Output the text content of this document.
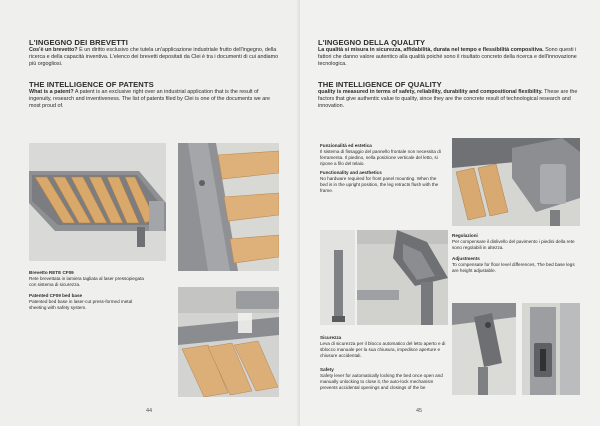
L'INGEGNO DEI BREVETTI
Cos'è un brevetto? È un diritto esclusivo che tutela un'applicazione industriale frutto dell'ingegno, della ricerca e della capacità inventiva. L'elenco dei brevetti depositati da Clei è tra i documenti di cui andiamo più orgogliosi.
THE INTELLIGENCE OF PATENTS
What is a patent? A patent is an exclusive right over an industrial application that is the result of ingenuity, research and inventiveness. The list of patents filed by Clei is one of the documents we are most proud of.
Brevetto RETE CF09
Rete brevettata in lamiera tagliata al laser pressopiegata con sistema di sicurezza.
Patented CF09 bed base
Patented bed base in laser-cut press-formed metal sheeting with safety system.
44
L'INGEGNO DELLA QUALITY
La qualità si misura in sicurezza, affidabilità, durata nel tempo e flessibilità compositiva. Sono questi i fattori che danno valore autentico alla qualità poiché sono il risultato concreto della ricerca e dell'innovazione tecnologica.
THE INTELLIGENCE OF QUALITY
quality is measured in terms of safety, reliability, durability and compositional flexibility. These are the factors that give authentic value to quality, since they are the concrete result of technological research and innovation.
Funzionalità ed estetica
Il sistema di fissaggio del pannello frontale non necessita di ferramenta. Il piedino, nella posizione verticale del letto, si ripone a filo del telaio.
Functionality and aesthetics
No hardware required for front panel mounting. When the bed is in the upright position, the leg retracts flush with the frame.
Regolazioni
Per compensare il dislivello del pavimento i piedini della rete sono regolabili in altezza.
Adjustments
To compensate for floor level differences, The bed base legs are height adjustable.
Sicurezza
Leva di sicurezza per il blocco automatico del letto aperto e di sblocco manuale per la sua chiusura, impedisce aperture e chiusure accidentali.
Safety
Safety lever for automatically locking the bed once open and manually unlocking to close it, the auto-lock mechanism prevents accidental openings and closings of the be
45
